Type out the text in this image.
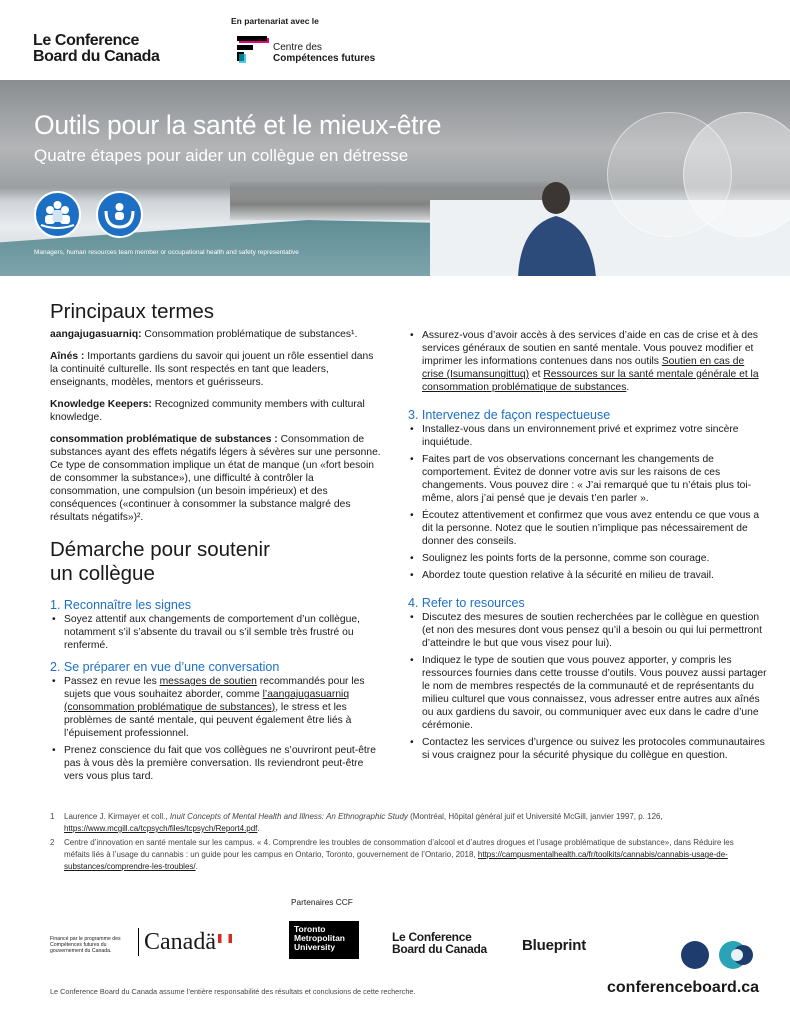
Le Conference
Board du Canada
En partenariat avec le
Centre des
Compétences futures
Outils pour la santé et le mieux-être
Quatre étapes pour aider un collègue en détresse
Managers, human resources team member or occupational health and safety representative
Principaux termes

aangajugasuarniq: Consommation problématique de substances¹.

Aînés : Importants gardiens du savoir qui jouent un rôle essentiel dans la continuité culturelle. Ils sont respectés en tant que leaders, enseignants, modèles, mentors et guérisseurs.

Knowledge Keepers: Recognized community members with cultural knowledge.

consommation problématique de substances : Consommation de substances ayant des effets négatifs légers à sévères sur une personne. Ce type de consommation implique un état de manque (un «fort besoin de consommer la substance»), une difficulté à contrôler la consommation, une compulsion (un besoin impérieux) et des conséquences («continuer à consommer la substance malgré des résultats négatifs»)².

Démarche pour soutenir
un collègue
1. Reconnaître les signes
• Soyez attentif aux changements de comportement d’un collègue, notamment s’il s’absente du travail ou s’il semble très frustré ou renfermé.
2. Se préparer en vue d’une conversation
• Passez en revue les messages de soutien recommandés pour les sujets que vous souhaitez aborder, comme l’aangajugasuarniq (consommation problématique de substances), le stress et les problèmes de santé mentale, qui peuvent également être liés à l’épuisement professionnel.
• Prenez conscience du fait que vos collègues ne s’ouvriront peut-être pas à vous dès la première conversation. Ils reviendront peut-être vers vous plus tard.
• Assurez-vous d’avoir accès à des services d’aide en cas de crise et à des services généraux de soutien en santé mentale. Vous pouvez modifier et imprimer les informations contenues dans nos outils Soutien en cas de crise (Isumansungittuq) et Ressources sur la santé mentale générale et la consommation problématique de substances.
3. Intervenez de façon respectueuse
• Installez-vous dans un environnement privé et exprimez votre sincère inquiétude.
• Faites part de vos observations concernant les changements de comportement. Évitez de donner votre avis sur les raisons de ces changements. Vous pouvez dire : « J’ai remarqué que tu n’étais plus toi-même, alors j’ai pensé que je devais t’en parler ».
• Écoutez attentivement et confirmez que vous avez entendu ce que vous a dit la personne. Notez que le soutien n’implique pas nécessairement de donner des conseils.
• Soulignez les points forts de la personne, comme son courage.
• Abordez toute question relative à la sécurité en milieu de travail.
4. Refer to resources
• Discutez des mesures de soutien recherchées par le collègue en question (et non des mesures dont vous pensez qu’il a besoin ou qui lui permettront d’atteindre le but que vous visez pour lui).
• Indiquez le type de soutien que vous pouvez apporter, y compris les ressources fournies dans cette trousse d’outils. Vous pouvez aussi partager le nom de membres respectés de la communauté et de représentants du milieu culturel que vous connaissez, vous adresser entre autres aux aînés ou aux gardiens du savoir, ou communiquer avec eux dans le cadre d’une cérémonie.
• Contactez les services d’urgence ou suivez les protocoles communautaires si vous craignez pour la sécurité physique du collègue en question.
1	Laurence J. Kirmayer et coll., Inuit Concepts of Mental Health and Illness: An Ethnographic Study (Montréal, Hôpital général juif et Université McGill, janvier 1997, p. 126, https://www.mcgill.ca/tcpsych/files/tcpsych/Report4.pdf.
2	Centre d’innovation en santé mentale sur les campus. « 4. Comprendre les troubles de consommation d’alcool et d’autres drogues et l’usage problématique de substance», dans Réduire les méfaits liés à l’usage du cannabis : un guide pour les campus en Ontario, Toronto, gouvernement de l’Ontario, 2018, https://campusmentalhealth.ca/fr/toolkits/cannabis/cannabis-usage-de-substances/comprendre-les-troubles/.
Partenaires CCF
Financé par le programme des Compétences futures du gouvernement du Canada.	Canadä	Toronto Metropolitan University
Le Conference
Board du Canada Blueprint
Le Conference Board du Canada assume l’entière responsabilité des résultats et conclusions de cette recherche.	conferenceboard.ca
